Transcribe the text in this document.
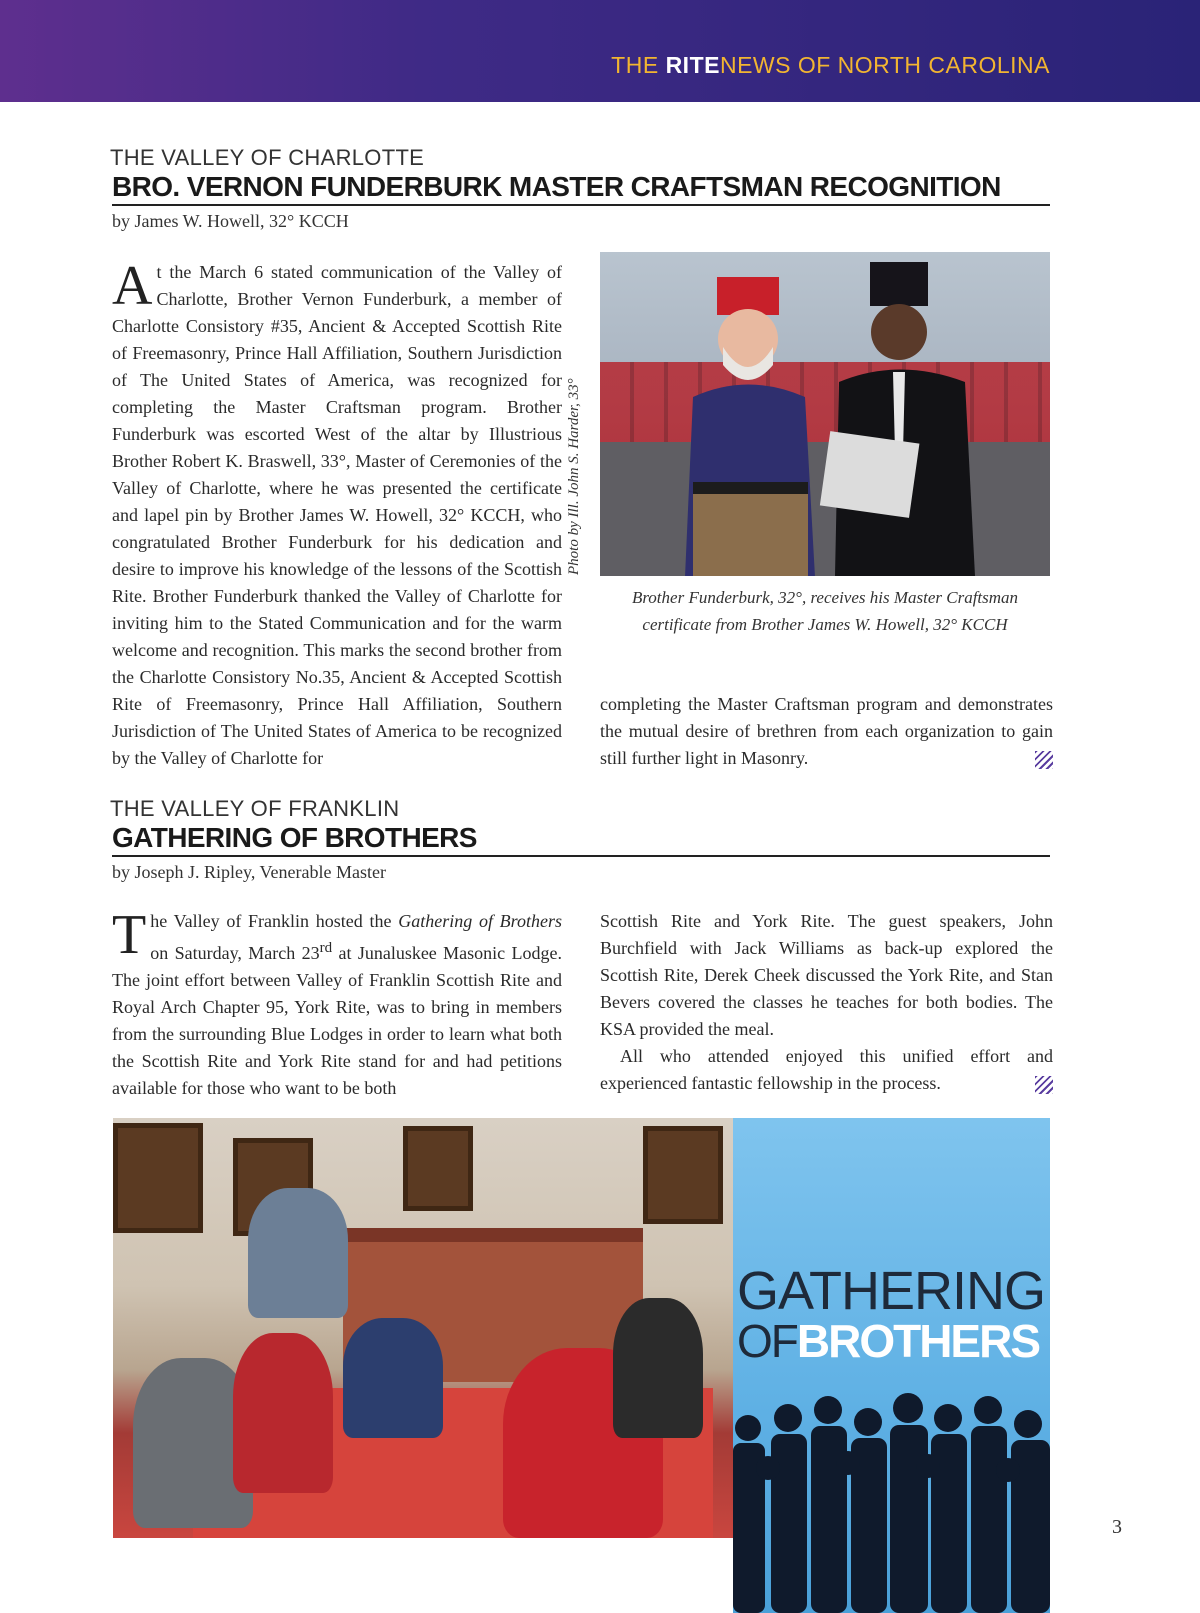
THE RITENEWS OF NORTH CAROLINA
THE VALLEY OF CHARLOTTE
BRO. VERNON FUNDERBURK MASTER CRAFTSMAN RECOGNITION
by James W. Howell, 32° KCCH

At the March 6 stated communication of the Valley of Charlotte, Brother Vernon Funderburk, a member of Charlotte Consistory #35, Ancient & Accepted Scottish Rite of Freemasonry, Prince Hall Affiliation, Southern Jurisdiction of The United States of America, was recognized for completing the Master Craftsman program. Brother Funderburk was escorted West of the altar by Illustrious Brother Robert K. Braswell, 33°, Master of Ceremonies of the Valley of Charlotte, where he was presented the certificate and lapel pin by Brother James W. Howell, 32° KCCH, who congratulated Brother Funderburk for his dedication and desire to improve his knowledge of the lessons of the Scottish Rite. Brother Funderburk thanked the Valley of Charlotte for inviting him to the Stated Communication and for the warm welcome and recognition. This marks the second brother from the Charlotte Consistory No.35, Ancient & Accepted Scottish Rite of Freemasonry, Prince Hall Affiliation, Southern Jurisdiction of The United States of America to be recognized by the Valley of Charlotte for

Photo by Ill. John S. Harder, 33°
Brother Funderburk, 32°, receives his Master Craftsman
certificate from Brother James W. Howell, 32° KCCH

completing the Master Craftsman program and demonstrates the mutual desire of brethren from each organization to gain still further light in Masonry.

THE VALLEY OF FRANKLIN
GATHERING OF BROTHERS
by Joseph J. Ripley, Venerable Master

The Valley of Franklin hosted the Gathering of Brothers on Saturday, March 23rd at Junaluskee Masonic Lodge. The joint effort between Valley of Franklin Scottish Rite and Royal Arch Chapter 95, York Rite, was to bring in members from the surrounding Blue Lodges in order to learn what both the Scottish Rite and York Rite stand for and had petitions available for those who want to be both

Scottish Rite and York Rite. The guest speakers, John Burchfield with Jack Williams as back-up explored the Scottish Rite, Derek Cheek discussed the York Rite, and Stan Bevers covered the classes he teaches for both bodies. The KSA provided the meal.

All who attended enjoyed this unified effort and experienced fantastic fellowship in the process.

GATHERING
OFBROTHERS
3
